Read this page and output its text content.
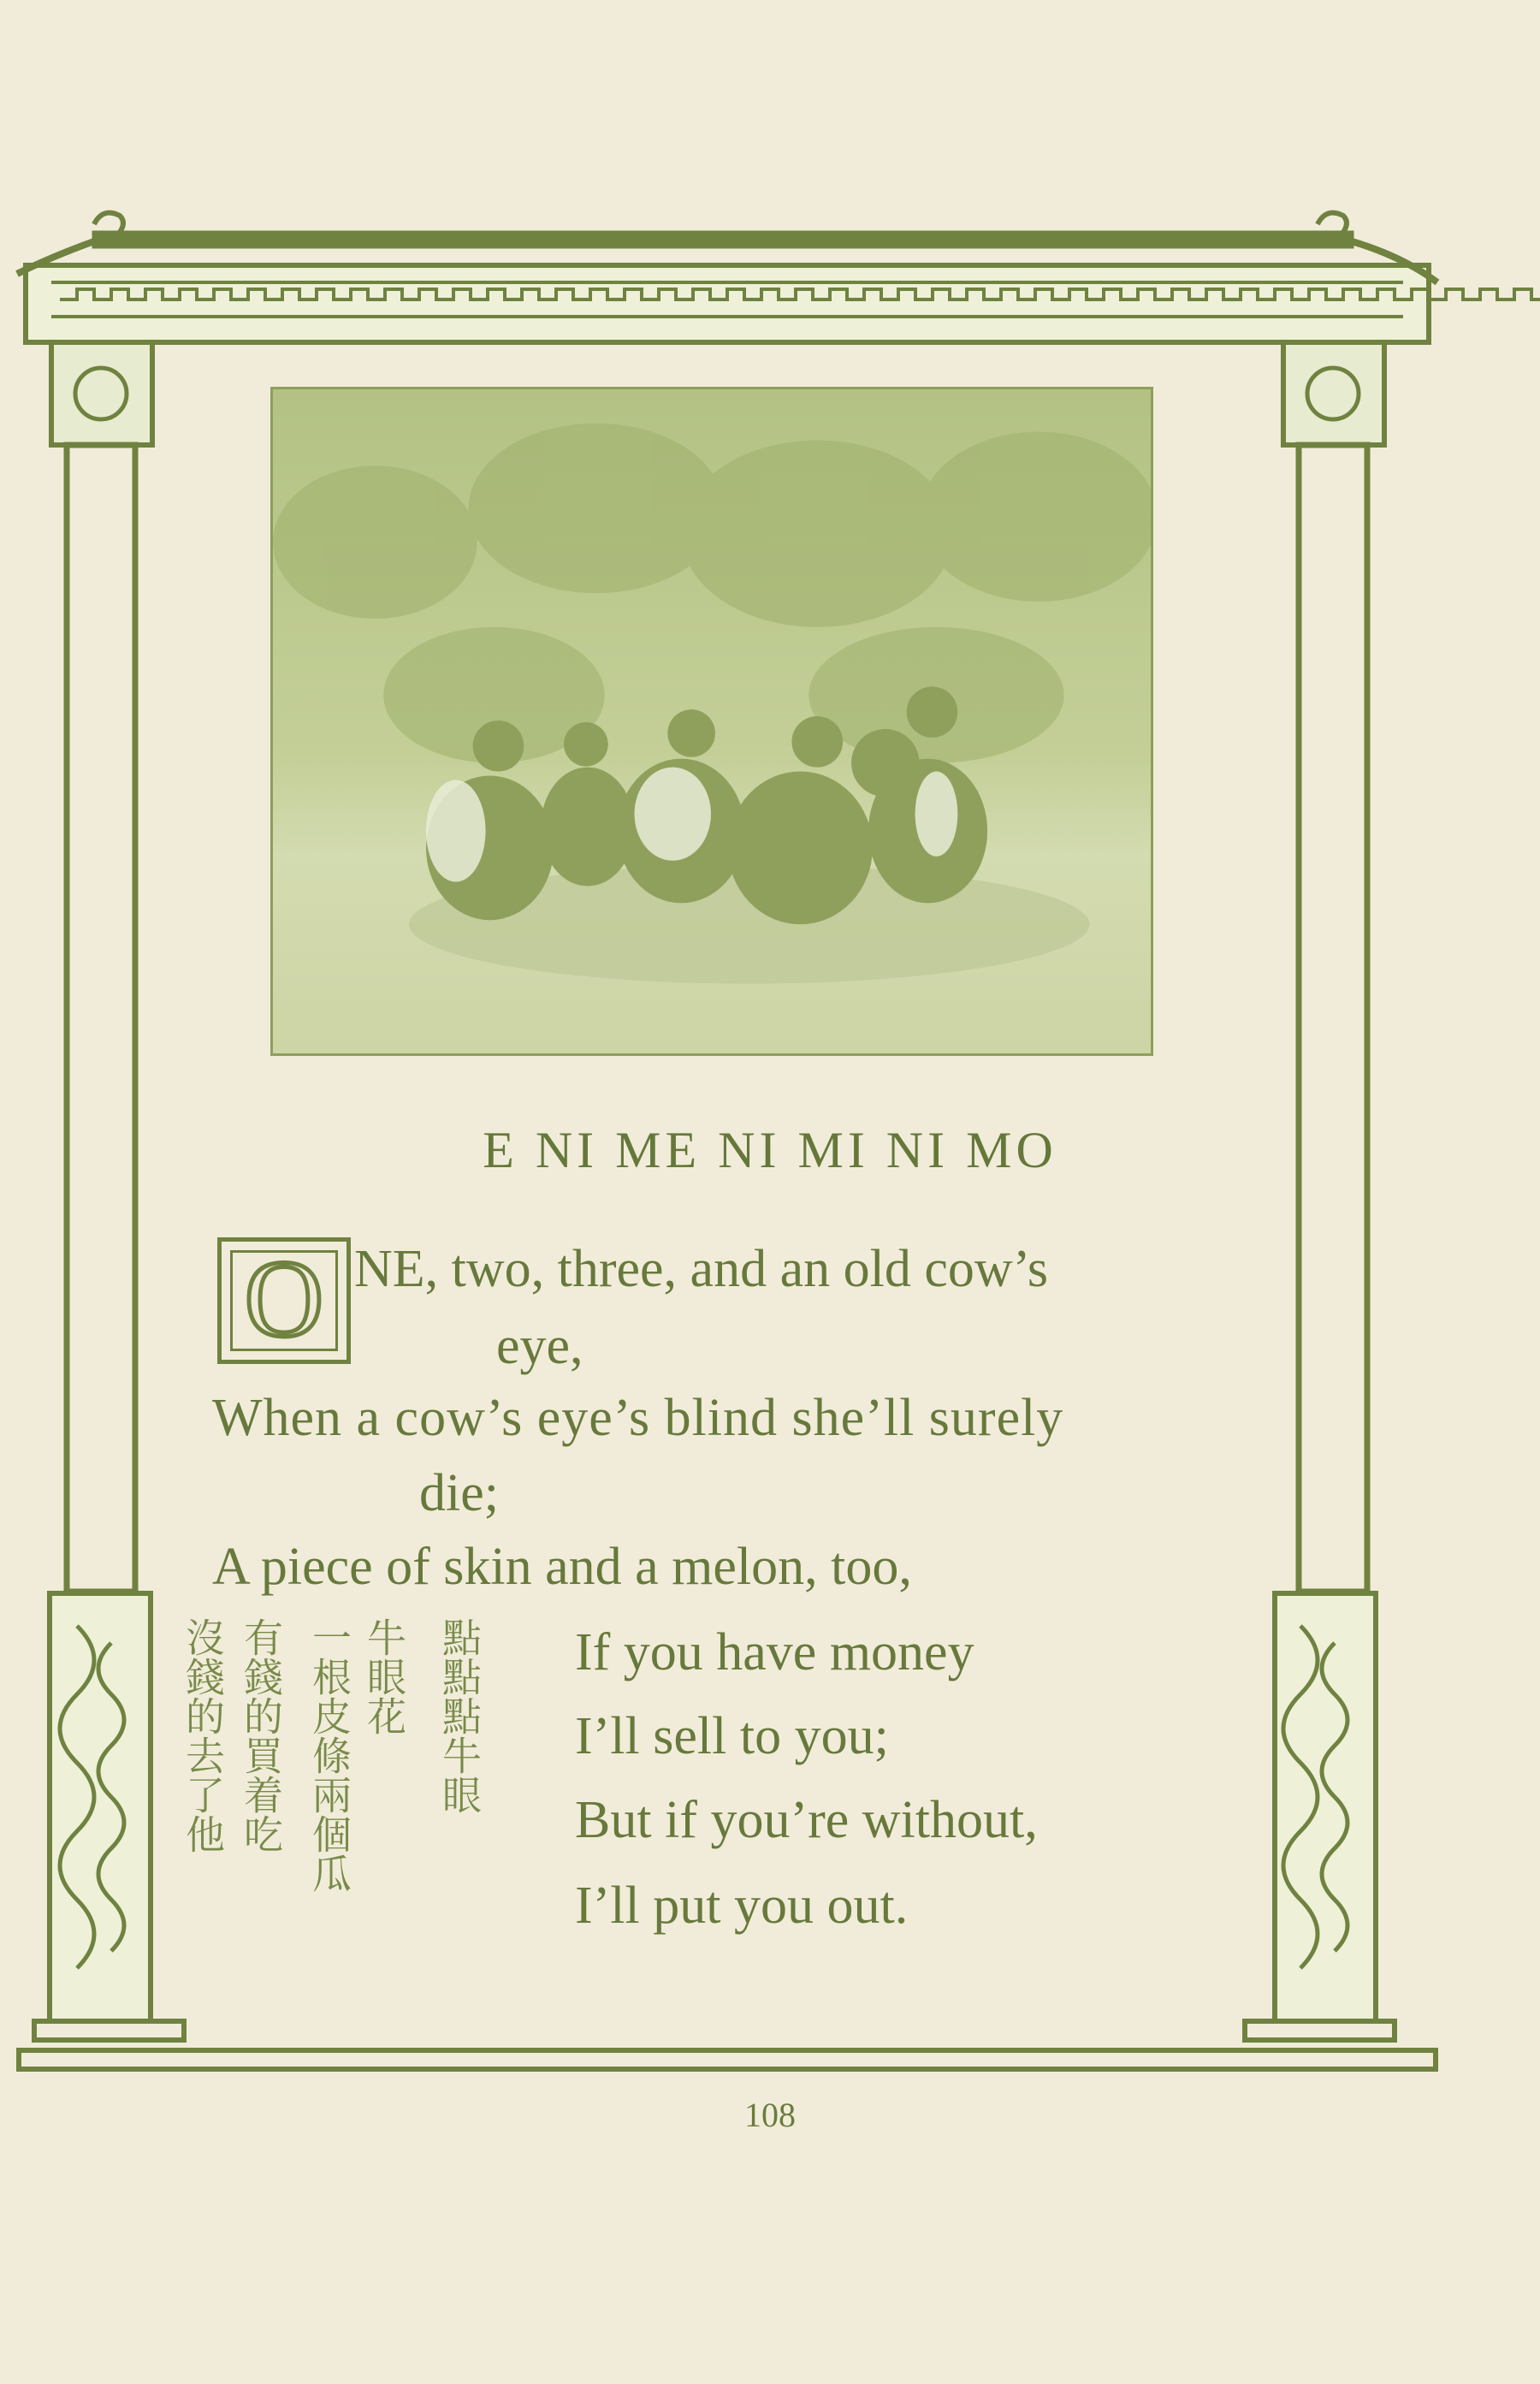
E NI ME NI MI NI MO
O NE, two, three, and an old cow’s
eye,
When a cow’s eye’s blind she’ll surely
die;
A piece of skin and a melon, too,
If you have money
I’ll sell to you;
But if you’re without,
I’ll put you out.
點點點牛眼
牛眼花
一根皮條兩個瓜
有錢的買着吃
沒錢的去了他
108
